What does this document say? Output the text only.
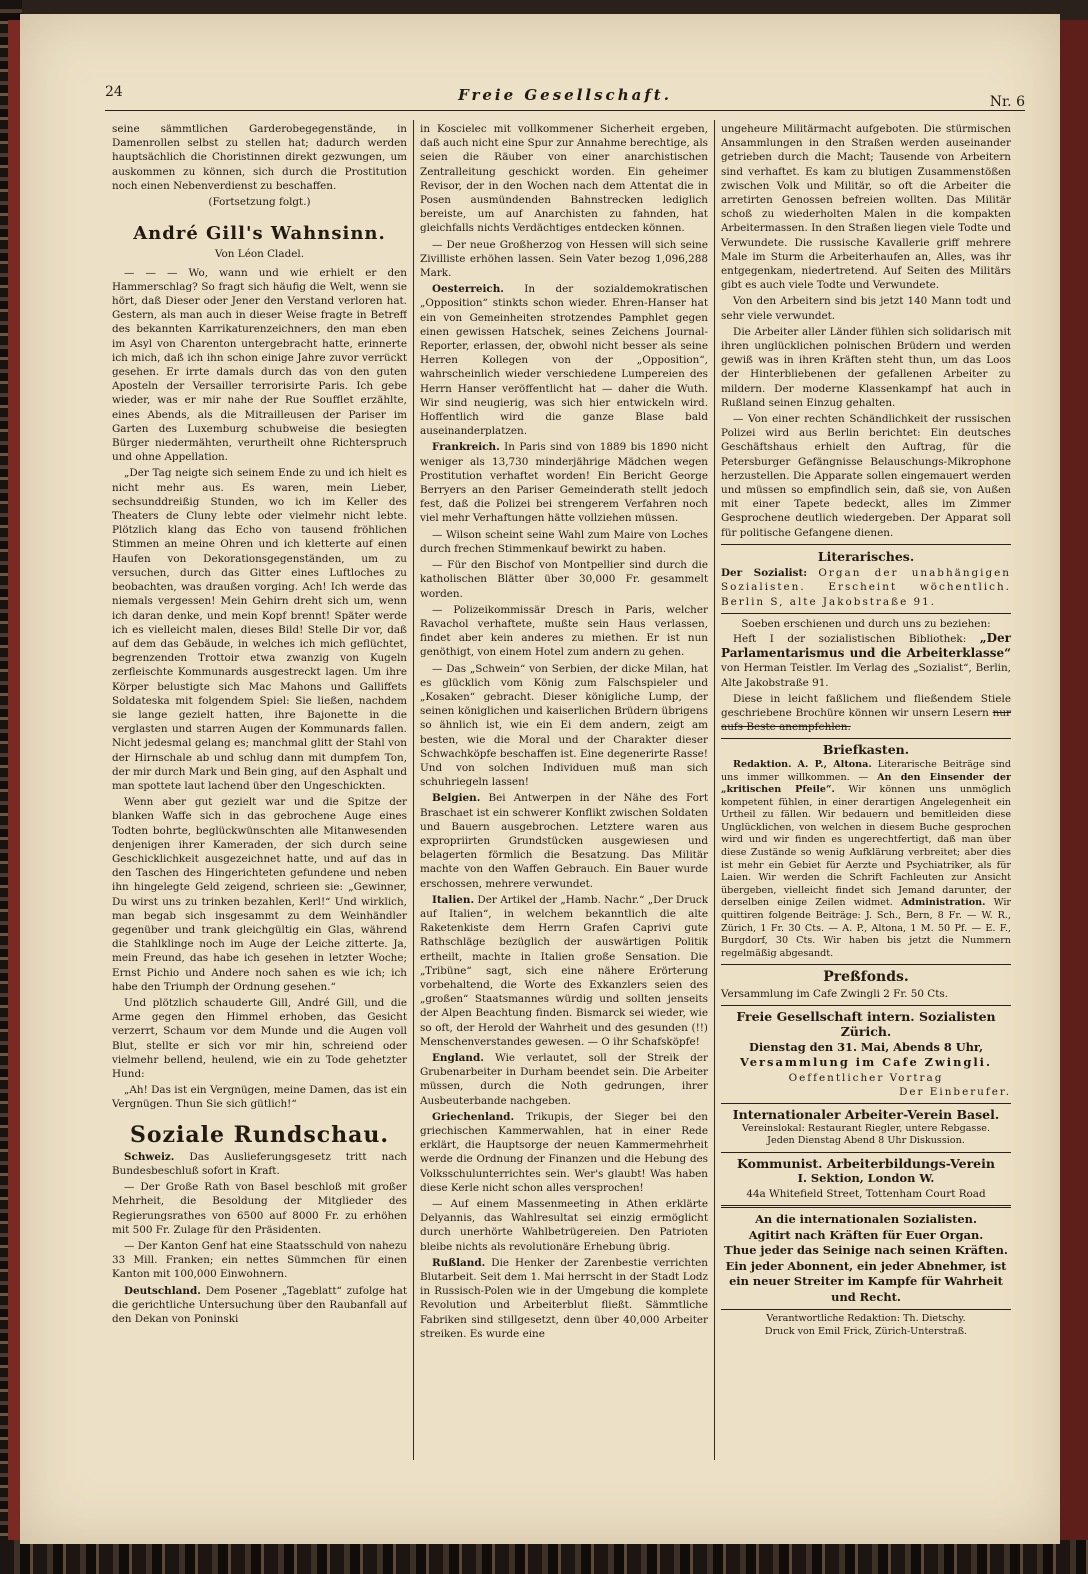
24	Freie Gesellschaft.	Nr. 6

seine sämmtlichen Garderobegegenstände, in Damenrollen selbst zu stellen hat; dadurch werden hauptsächlich die Choristinnen direkt gezwungen, um auskommen zu können, sich durch die Prostitution noch einen Nebenverdienst zu beschaffen.

(Fortsetzung folgt.)
André Gill's Wahnsinn.
Von Léon Cladel.

— — — Wo, wann und wie erhielt er den Hammerschlag? So fragt sich häufig die Welt, wenn sie hört, daß Dieser oder Jener den Verstand verloren hat. Gestern, als man auch in dieser Weise fragte in Betreff des bekannten Karrikaturenzeichners, den man eben im Asyl von Charenton untergebracht hatte, erinnerte ich mich, daß ich ihn schon einige Jahre zuvor verrückt gesehen. Er irrte damals durch das von den guten Aposteln der Versailler terrorisirte Paris. Ich gebe wieder, was er mir nahe der Rue Soufflet erzählte, eines Abends, als die Mitrailleusen der Pariser im Garten des Luxemburg schubweise die besiegten Bürger niedermähten, verurtheilt ohne Richterspruch und ohne Appellation.

„Der Tag neigte sich seinem Ende zu und ich hielt es nicht mehr aus. Es waren, mein Lieber, sechsunddreißig Stunden, wo ich im Keller des Theaters de Cluny lebte oder vielmehr nicht lebte. Plötzlich klang das Echo von tausend fröhlichen Stimmen an meine Ohren und ich kletterte auf einen Haufen von Dekorationsgegenständen, um zu versuchen, durch das Gitter eines Luftloches zu beobachten, was draußen vorging. Ach! Ich werde das niemals vergessen! Mein Gehirn dreht sich um, wenn ich daran denke, und mein Kopf brennt! Später werde ich es vielleicht malen, dieses Bild! Stelle Dir vor, daß auf dem das Gebäude, in welches ich mich geflüchtet, begrenzenden Trottoir etwa zwanzig von Kugeln zerfleischte Kommunards ausgestreckt lagen. Um ihre Körper belustigte sich Mac Mahons und Galliffets Soldateska mit folgendem Spiel: Sie ließen, nachdem sie lange gezielt hatten, ihre Bajonette in die verglasten und starren Augen der Kommunards fallen. Nicht jedesmal gelang es; manchmal glitt der Stahl von der Hirnschale ab und schlug dann mit dumpfem Ton, der mir durch Mark und Bein ging, auf den Asphalt und man spottete laut lachend über den Ungeschickten.

Wenn aber gut gezielt war und die Spitze der blanken Waffe sich in das gebrochene Auge eines Todten bohrte, beglückwünschten alle Mitanwesenden denjenigen ihrer Kameraden, der sich durch seine Geschicklichkeit ausgezeichnet hatte, und auf das in den Taschen des Hingerichteten gefundene und neben ihn hingelegte Geld zeigend, schrieen sie: „Gewinner, Du wirst uns zu trinken bezahlen, Kerl!“ Und wirklich, man begab sich insgesammt zu dem Weinhändler gegenüber und trank gleichgültig ein Glas, während die Stahlklinge noch im Auge der Leiche zitterte. Ja, mein Freund, das habe ich gesehen in letzter Woche; Ernst Pichio und Andere noch sahen es wie ich; ich habe den Triumph der Ordnung gesehen.“

Und plötzlich schauderte Gill, André Gill, und die Arme gegen den Himmel erhoben, das Gesicht verzerrt, Schaum vor dem Munde und die Augen voll Blut, stellte er sich vor mir hin, schreiend oder vielmehr bellend, heulend, wie ein zu Tode gehetzter Hund:

„Ah! Das ist ein Vergnügen, meine Damen, das ist ein Vergnügen. Thun Sie sich gütlich!“

Soziale Rundschau.

Schweiz. Das Auslieferungsgesetz tritt nach Bundesbeschluß sofort in Kraft.

— Der Große Rath von Basel beschloß mit großer Mehrheit, die Besoldung der Mitglieder des Regierungsrathes von 6500 auf 8000 Fr. zu erhöhen mit 500 Fr. Zulage für den Präsidenten.

— Der Kanton Genf hat eine Staatsschuld von nahezu 33 Mill. Franken; ein nettes Sümmchen für einen Kanton mit 100,000 Einwohnern.

Deutschland. Dem Posener „Tageblatt“ zufolge hat die gerichtliche Untersuchung über den Raubanfall auf den Dekan von Poninski

in Koscielec mit vollkommener Sicherheit ergeben, daß auch nicht eine Spur zur Annahme berechtige, als seien die Räuber von einer anarchistischen Zentralleitung geschickt worden. Ein geheimer Revisor, der in den Wochen nach dem Attentat die in Posen ausmündenden Bahnstrecken lediglich bereiste, um auf Anarchisten zu fahnden, hat gleichfalls nichts Verdächtiges entdecken können.

— Der neue Großherzog von Hessen will sich seine Zivilliste erhöhen lassen. Sein Vater bezog 1,096,288 Mark.

Oesterreich. In der sozialdemokratischen „Opposition“ stinkts schon wieder. Ehren-Hanser hat ein von Gemeinheiten strotzendes Pamphlet gegen einen gewissen Hatschek, seines Zeichens Journal-Reporter, erlassen, der, obwohl nicht besser als seine Herren Kollegen von der „Opposition“, wahrscheinlich wieder verschiedene Lumpereien des Herrn Hanser veröffentlicht hat — daher die Wuth. Wir sind neugierig, was sich hier entwickeln wird. Hoffentlich wird die ganze Blase bald auseinanderplatzen.

Frankreich. In Paris sind von 1889 bis 1890 nicht weniger als 13,730 minderjährige Mädchen wegen Prostitution verhaftet worden! Ein Bericht George Berryers an den Pariser Gemeinderath stellt jedoch fest, daß die Polizei bei strengerem Verfahren noch viel mehr Verhaftungen hätte vollziehen müssen.

— Wilson scheint seine Wahl zum Maire von Loches durch frechen Stimmenkauf bewirkt zu haben.

— Für den Bischof von Montpellier sind durch die katholischen Blätter über 30,000 Fr. gesammelt worden.

— Polizeikommissär Dresch in Paris, welcher Ravachol verhaftete, mußte sein Haus verlassen, findet aber kein anderes zu miethen. Er ist nun genöthigt, von einem Hotel zum andern zu gehen.

— Das „Schwein“ von Serbien, der dicke Milan, hat es glücklich vom König zum Falschspieler und „Kosaken“ gebracht. Dieser königliche Lump, der seinen königlichen und kaiserlichen Brüdern übrigens so ähnlich ist, wie ein Ei dem andern, zeigt am besten, wie die Moral und der Charakter dieser Schwachköpfe beschaffen ist. Eine degenerirte Rasse! Und von solchen Individuen muß man sich schuhriegeln lassen!

Belgien. Bei Antwerpen in der Nähe des Fort Braschaet ist ein schwerer Konflikt zwischen Soldaten und Bauern ausgebrochen. Letztere waren aus expropriirten Grundstücken ausgewiesen und belagerten förmlich die Besatzung. Das Militär machte von den Waffen Gebrauch. Ein Bauer wurde erschossen, mehrere verwundet.

Italien. Der Artikel der „Hamb. Nachr.“ „Der Druck auf Italien“, in welchem bekanntlich die alte Raketenkiste dem Herrn Grafen Caprivi gute Rathschläge bezüglich der auswärtigen Politik ertheilt, machte in Italien große Sensation. Die „Tribüne“ sagt, sich eine nähere Erörterung vorbehaltend, die Worte des Exkanzlers seien des „großen“ Staatsmannes würdig und sollten jenseits der Alpen Beachtung finden. Bismarck sei wieder, wie so oft, der Herold der Wahrheit und des gesunden (!!) Menschenverstandes gewesen. — O ihr Schafsköpfe!

England. Wie verlautet, soll der Streik der Grubenarbeiter in Durham beendet sein. Die Arbeiter müssen, durch die Noth gedrungen, ihrer Ausbeuterbande nachgeben.

Griechenland. Trikupis, der Sieger bei den griechischen Kammerwahlen, hat in einer Rede erklärt, die Hauptsorge der neuen Kammermehrheit werde die Ordnung der Finanzen und die Hebung des Volksschulunterrichtes sein. Wer's glaubt! Was haben diese Kerle nicht schon alles versprochen!

— Auf einem Massenmeeting in Athen erklärte Delyannis, das Wahlresultat sei einzig ermöglicht durch unerhörte Wahlbetrügereien. Den Patrioten bleibe nichts als revolutionäre Erhebung übrig.

Rußland. Die Henker der Zarenbestie verrichten Blutarbeit. Seit dem 1. Mai herrscht in der Stadt Lodz in Russisch-Polen wie in der Umgebung die komplete Revolution und Arbeiterblut fließt. Sämmtliche Fabriken sind stillgesetzt, denn über 40,000 Arbeiter streiken. Es wurde eine

ungeheure Militärmacht aufgeboten. Die stürmischen Ansammlungen in den Straßen werden auseinander getrieben durch die Macht; Tausende von Arbeitern sind verhaftet. Es kam zu blutigen Zusammenstößen zwischen Volk und Militär, so oft die Arbeiter die arretirten Genossen befreien wollten. Das Militär schoß zu wiederholten Malen in die kompakten Arbeitermassen. In den Straßen liegen viele Todte und Verwundete. Die russische Kavallerie griff mehrere Male im Sturm die Arbeiterhaufen an, Alles, was ihr entgegenkam, niedertretend. Auf Seiten des Militärs gibt es auch viele Todte und Verwundete.

Von den Arbeitern sind bis jetzt 140 Mann todt und sehr viele verwundet.

Die Arbeiter aller Länder fühlen sich solidarisch mit ihren unglücklichen polnischen Brüdern und werden gewiß was in ihren Kräften steht thun, um das Loos der Hinterbliebenen der gefallenen Arbeiter zu mildern. Der moderne Klassenkampf hat auch in Rußland seinen Einzug gehalten.

— Von einer rechten Schändlichkeit der russischen Polizei wird aus Berlin berichtet: Ein deutsches Geschäftshaus erhielt den Auftrag, für die Petersburger Gefängnisse Belauschungs-Mikrophone herzustellen. Die Apparate sollen eingemauert werden und müssen so empfindlich sein, daß sie, von Außen mit einer Tapete bedeckt, alles im Zimmer Gesprochene deutlich wiedergeben. Der Apparat soll für politische Gefangene dienen.

Literarisches.

Der Sozialist: Organ der unabhängigen Sozialisten. Erscheint wöchentlich. Berlin S, alte Jakobstraße 91.

Soeben erschienen und durch uns zu beziehen:

Heft I der sozialistischen Bibliothek: „Der Parlamentarismus und die Arbeiterklasse“ von Herman Teistler. Im Verlag des „Sozialist“, Berlin, Alte Jakobstraße 91.

Diese in leicht faßlichem und fließendem Stiele geschriebene Brochüre können wir unsern Lesern nur aufs Beste anempfehlen.

Briefkasten.

Redaktion. A. P., Altona. Literarische Beiträge sind uns immer willkommen. — An den Einsender der „kritischen Pfeile“. Wir können uns unmöglich kompetent fühlen, in einer derartigen Angelegenheit ein Urtheil zu fällen. Wir bedauern und bemitleiden diese Unglücklichen, von welchen in diesem Buche gesprochen wird und wir finden es ungerechtfertigt, daß man über diese Zustände so wenig Aufklärung verbreitet; aber dies ist mehr ein Gebiet für Aerzte und Psychiatriker, als für Laien. Wir werden die Schrift Fachleuten zur Ansicht übergeben, vielleicht findet sich Jemand darunter, der derselben einige Zeilen widmet. Administration. Wir quittiren folgende Beiträge: J. Sch., Bern, 8 Fr. — W. R., Zürich, 1 Fr. 30 Cts. — A. P., Altona, 1 M. 50 Pf. — E. F., Burgdorf, 30 Cts. Wir haben bis jetzt die Nummern regelmäßig abgesandt.

Preßfonds.
Versammlung im Cafe Zwingli 2 Fr. 50 Cts.
Freie Gesellschaft intern. Sozialisten Zürich.
Dienstag den 31. Mai, Abends 8 Uhr,
Versammlung im Cafe Zwingli.
Oeffentlicher Vortrag
Der Einberufer.
Internationaler Arbeiter-Verein Basel.
Vereinslokal: Restaurant Riegler, untere Rebgasse.
Jeden Dienstag Abend 8 Uhr Diskussion.
Kommunist. Arbeiterbildungs-Verein
I. Sektion, London W.
44a Whitefield Street, Tottenham Court Road
An die internationalen Sozialisten.
Agitirt nach Kräften für Euer Organ.
Thue jeder das Seinige nach seinen Kräften. Ein jeder Abonnent, ein jeder Abnehmer, ist ein neuer Streiter im Kampfe für Wahrheit und Recht.
Verantwortliche Redaktion: Th. Dietschy.
Druck von Emil Frick, Zürich-Unterstraß.
